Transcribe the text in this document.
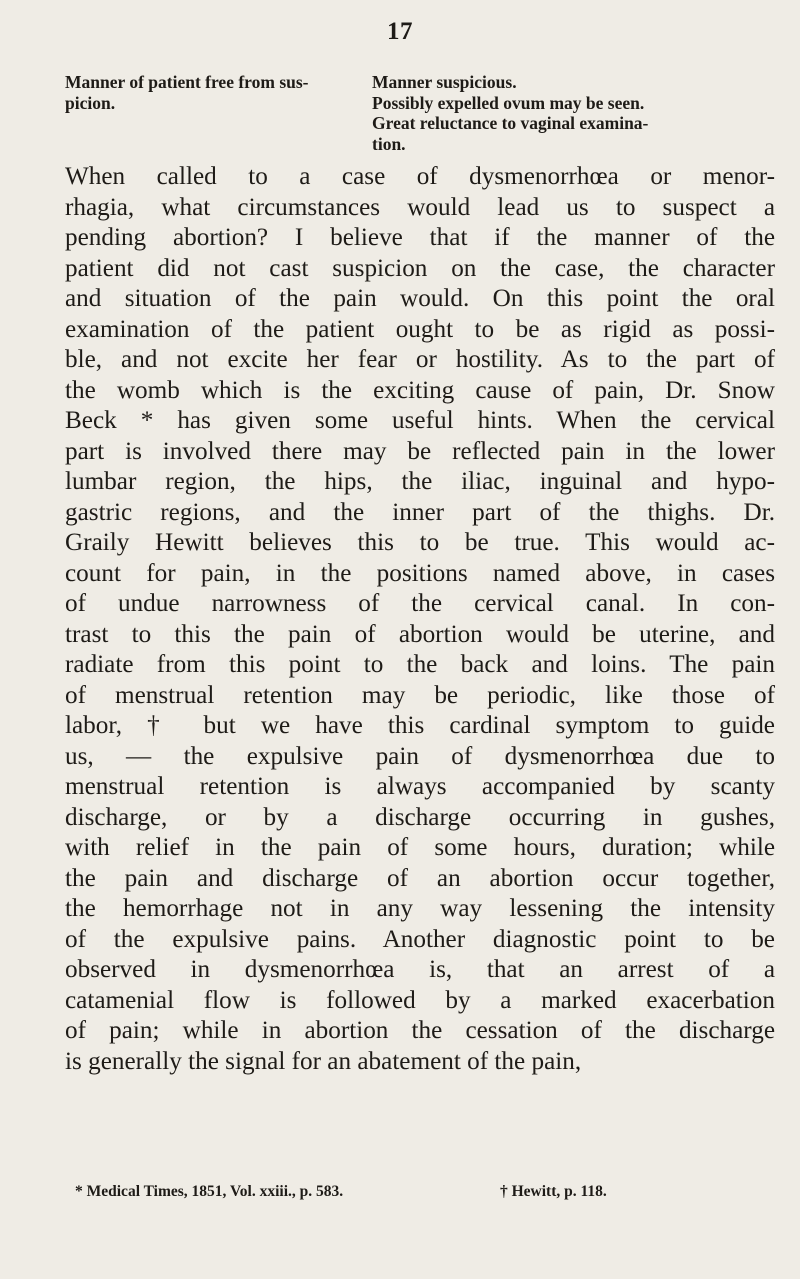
17
Manner of patient free from sus-
picion.
Manner suspicious.
Possibly expelled ovum may be seen.
Great reluctance to vaginal examina-
tion.
When called to a case of dysmenorrhœa or menor-
rhagia, what circumstances would lead us to suspect a
pending abortion? I believe that if the manner of the
patient did not cast suspicion on the case, the character
and situation of the pain would. On this point the oral
examination of the patient ought to be as rigid as possi-
ble, and not excite her fear or hostility. As to the part of
the womb which is the exciting cause of pain, Dr. Snow
Beck * has given some useful hints. When the cervical
part is involved there may be reflected pain in the lower
lumbar region, the hips, the iliac, inguinal and hypo-
gastric regions, and the inner part of the thighs. Dr.
Graily Hewitt believes this to be true. This would ac-
count for pain, in the positions named above, in cases
of undue narrowness of the cervical canal. In con-
trast to this the pain of abortion would be uterine, and
radiate from this point to the back and loins. The pain
of menstrual retention may be periodic, like those of
labor, † but we have this cardinal symptom to guide
us, — the expulsive pain of dysmenorrhœa due to
menstrual retention is always accompanied by scanty
discharge, or by a discharge occurring in gushes,
with relief in the pain of some hours, duration; while
the pain and discharge of an abortion occur together,
the hemorrhage not in any way lessening the intensity
of the expulsive pains. Another diagnostic point to be
observed in dysmenorrhœa is, that an arrest of a
catamenial flow is followed by a marked exacerbation
of pain; while in abortion the cessation of the discharge
is generally the signal for an abatement of the pain,
* Medical Times, 1851, Vol. xxiii., p. 583.	† Hewitt, p. 118.
